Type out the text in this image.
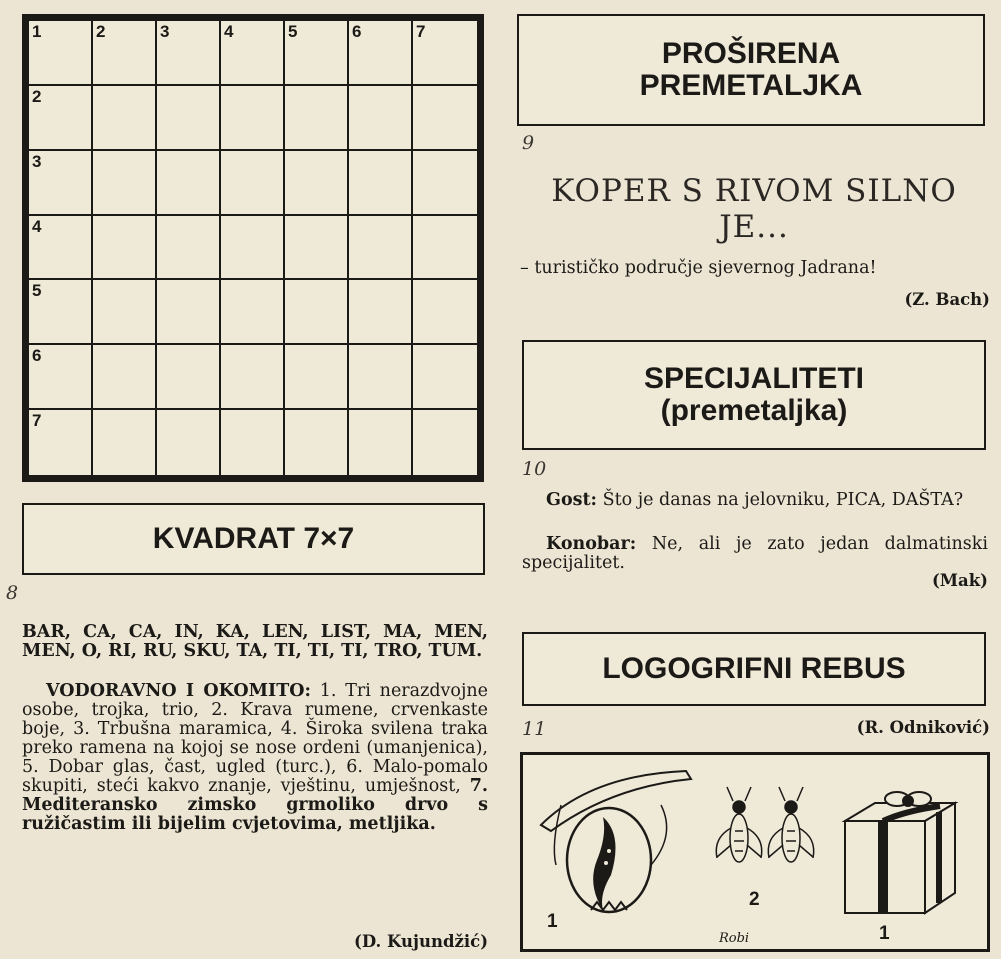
1	2	3	4	5	6	7
2
3
4
5
6
7
KVADRAT 7×7
8
BAR, CA, CA, IN, KA, LEN, LIST, MA, MEN, MEN, O, RI, RU, SKU, TA, TI, TI, TI, TRO, TUM.
VODORAVNO I OKOMITO: 1. Tri nerazdvojne osobe, trojka, trio, 2. Krava rumene, crvenkaste boje, 3. Trbušna maramica, 4. Široka svilena traka preko ramena na kojoj se nose ordeni (umanjenica), 5. Dobar glas, čast, ugled (turc.), 6. Malo-pomalo skupiti, steći kakvo znanje, vještinu, umješnost, 7. Mediteransko zimsko grmoliko drvo s ružičastim ili bijelim cvjetovima, metljika.
(D. Kujundžić)
PROŠIRENA
PREMETALJKA
9
KOPER S RIVOM SILNO JE...
– turističko područje sjevernog Jadrana!
(Z. Bach)
SPECIJALITETI
(premetaljka)
10
Gost: Što je danas na jelovniku, PICA, DAŠTA?
Konobar: Ne, ali je zato jedan dalmatinski specijalitet.
(Mak)
LOGOGRIFNI REBUS
11	(R. Odniković)
1
2
1
Robi
